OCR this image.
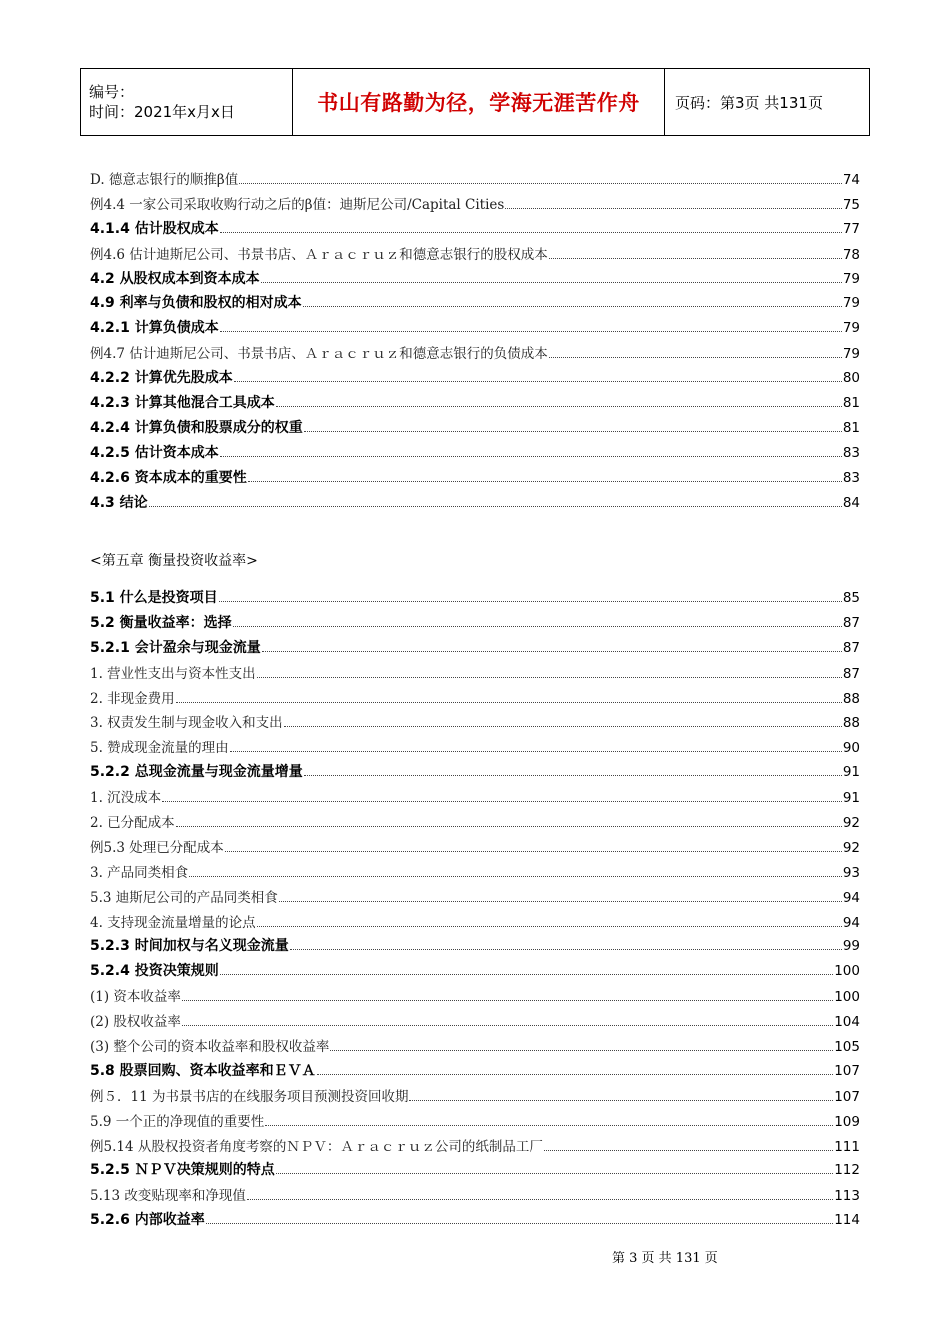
编号：
时间：2021年x月x日	书山有路勤为径，学海无涯苦作舟	页码：第3页 共131页
D. 德意志银行的顺推β值	74
例4.4 一家公司采取收购行动之后的β值：迪斯尼公司/Capital Cities	75
4.1.4 估计股权成本	77
例4.6 估计迪斯尼公司、书景书店、Ａｒａｃｒｕｚ和德意志银行的股权成本	78
4.2 从股权成本到资本成本	79
4.9 利率与负债和股权的相对成本	79
4.2.1 计算负债成本	79
例4.7 估计迪斯尼公司、书景书店、Ａｒａｃｒｕｚ和德意志银行的负债成本	79
4.2.2 计算优先股成本	80
4.2.3 计算其他混合工具成本	81
4.2.4 计算负债和股票成分的权重	81
4.2.5 估计资本成本	83
4.2.6 资本成本的重要性	83
4.3 结论	84
<第五章 衡量投资收益率>
5.1 什么是投资项目	85
5.2 衡量收益率：选择	87
5.2.1 会计盈余与现金流量	87
1. 营业性支出与资本性支出	87
2. 非现金费用	88
3. 权责发生制与现金收入和支出	88
5. 赞成现金流量的理由	90
5.2.2 总现金流量与现金流量增量	91
1. 沉没成本	91
2. 已分配成本	92
例5.3 处理已分配成本	92
3. 产品同类相食	93
5.3 迪斯尼公司的产品同类相食	94
4. 支持现金流量增量的论点	94
5.2.3 时间加权与名义现金流量	99
5.2.4 投资决策规则	100
(1) 资本收益率	100
(2) 股权收益率	104
(3) 整个公司的资本收益率和股权收益率	105
5.8 股票回购、资本收益率和ＥＶＡ	107
例５．11 为书景书店的在线服务项目预测投资回收期	107
5.9 一个正的净现值的重要性	109
例5.14 从股权投资者角度考察的ＮＰＶ：Ａｒａｃｒｕｚ公司的纸制品工厂	111
5.2.5 ＮＰＶ决策规则的特点	112
5.13 改变贴现率和净现值	113
5.2.6 内部收益率	114
第 3 页 共 131 页
